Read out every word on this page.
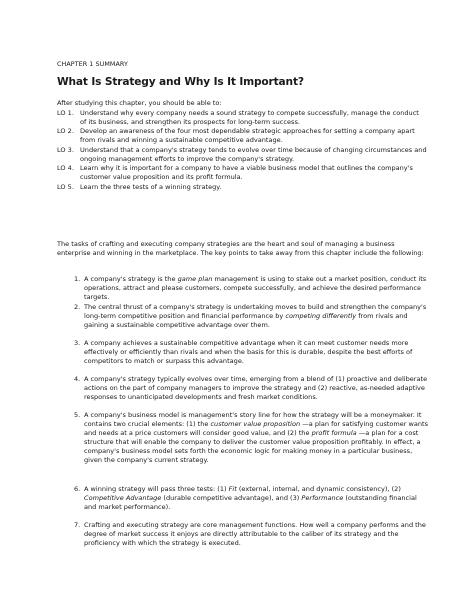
CHAPTER 1 SUMMARY
What Is Strategy and Why Is It Important?
After studying this chapter, you should be able to:
LO 1. Understand why every company needs a sound strategy to compete successfully, manage the conduct of its business, and strengthen its prospects for long-term success.
LO 2. Develop an awareness of the four most dependable strategic approaches for setting a company apart from rivals and winning a sustainable competitive advantage.
LO 3. Understand that a company's strategy tends to evolve over time because of changing circumstances and ongoing management efforts to improve the company's strategy.
LO 4. Learn why it is important for a company to have a viable business model that outlines the company's customer value proposition and its profit formula.
LO 5. Learn the three tests of a winning strategy.
The tasks of crafting and executing company strategies are the heart and soul of managing a business enterprise and winning in the marketplace. The key points to take away from this chapter include the following:
1. A company's strategy is the game plan management is using to stake out a market position, conduct its operations, attract and please customers, compete successfully, and achieve the desired performance targets.
2. The central thrust of a company's strategy is undertaking moves to build and strengthen the company's long-term competitive position and financial performance by competing differently from rivals and gaining a sustainable competitive advantage over them.
3. A company achieves a sustainable competitive advantage when it can meet customer needs more effectively or efficiently than rivals and when the basis for this is durable, despite the best efforts of competitors to match or surpass this advantage.
4. A company's strategy typically evolves over time, emerging from a blend of (1) proactive and deliberate actions on the part of company managers to improve the strategy and (2) reactive, as-needed adaptive responses to unanticipated developments and fresh market conditions.
5. A company's business model is management's story line for how the strategy will be a moneymaker. It contains two crucial elements: (1) the customer value proposition —a plan for satisfying customer wants and needs at a price customers will consider good value, and (2) the profit formula —a plan for a cost structure that will enable the company to deliver the customer value proposition profitably. In effect, a company's business model sets forth the economic logic for making money in a particular business, given the company's current strategy.
6. A winning strategy will pass three tests: (1) Fit (external, internal, and dynamic consistency), (2) Competitive Advantage (durable competitive advantage), and (3) Performance (outstanding financial and market performance).
7. Crafting and executing strategy are core management functions. How well a company performs and the degree of market success it enjoys are directly attributable to the caliber of its strategy and the proficiency with which the strategy is executed.
